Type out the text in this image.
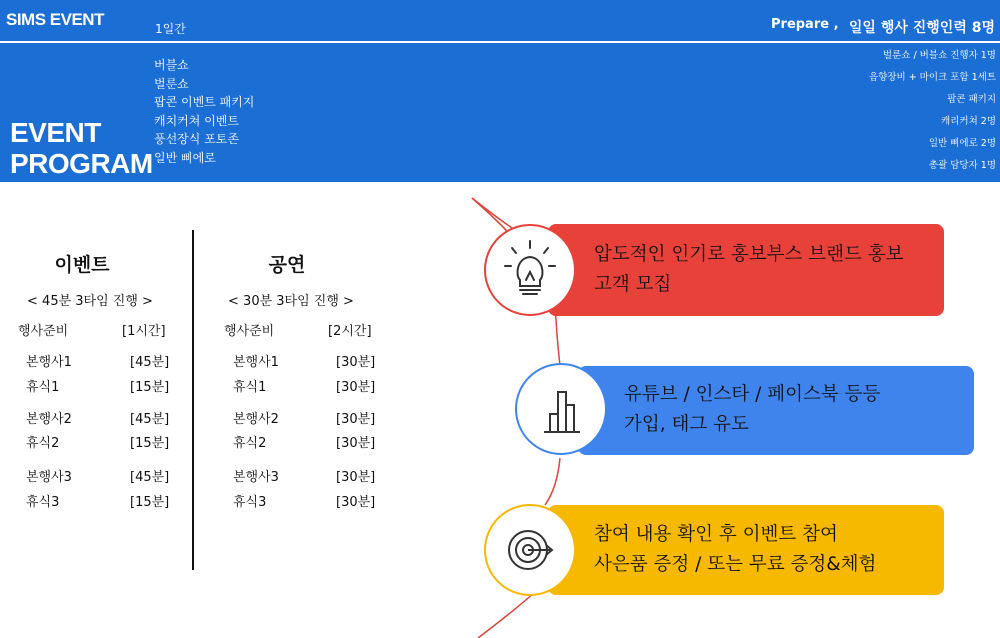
SIMS EVENT	1일간	Prepare , 일일 행사 진행인력 8명
버블쇼
벌룬쇼
팝콘 이벤트 패키지
캐치커쳐 이벤트
풍선장식 포토존
일반 삐에로
EVENT
PROGRAM
벌룬쇼 / 버블쇼 진행자 1명
음향장비 + 마이크 포함 1세트
팝콘 패키지
캐리커쳐 2명
일반 삐에로 2명
총괄 담당자 1명
이벤트
< 45분 3타임 진행 >
행사준비	[1시간]
본행사1	[45분]
휴식1	[15분]
본행사2	[45분]
휴식2	[15분]
본행사3	[45분]
휴식3	[15분]
공연
< 30분 3타임 진행 >
행사준비	[2시간]
본행사1	[30분]
휴식1	[30분]
본행사2	[30분]
휴식2	[30분]
본행사3	[30분]
휴식3	[30분]
압도적인 인기로 홍보부스 브랜드 홍보
고객 모집
유튜브 / 인스타 / 페이스북 등등
가입, 태그 유도
참여 내용 확인 후 이벤트 참여
사은품 증정 / 또는 무료 증정&체험
